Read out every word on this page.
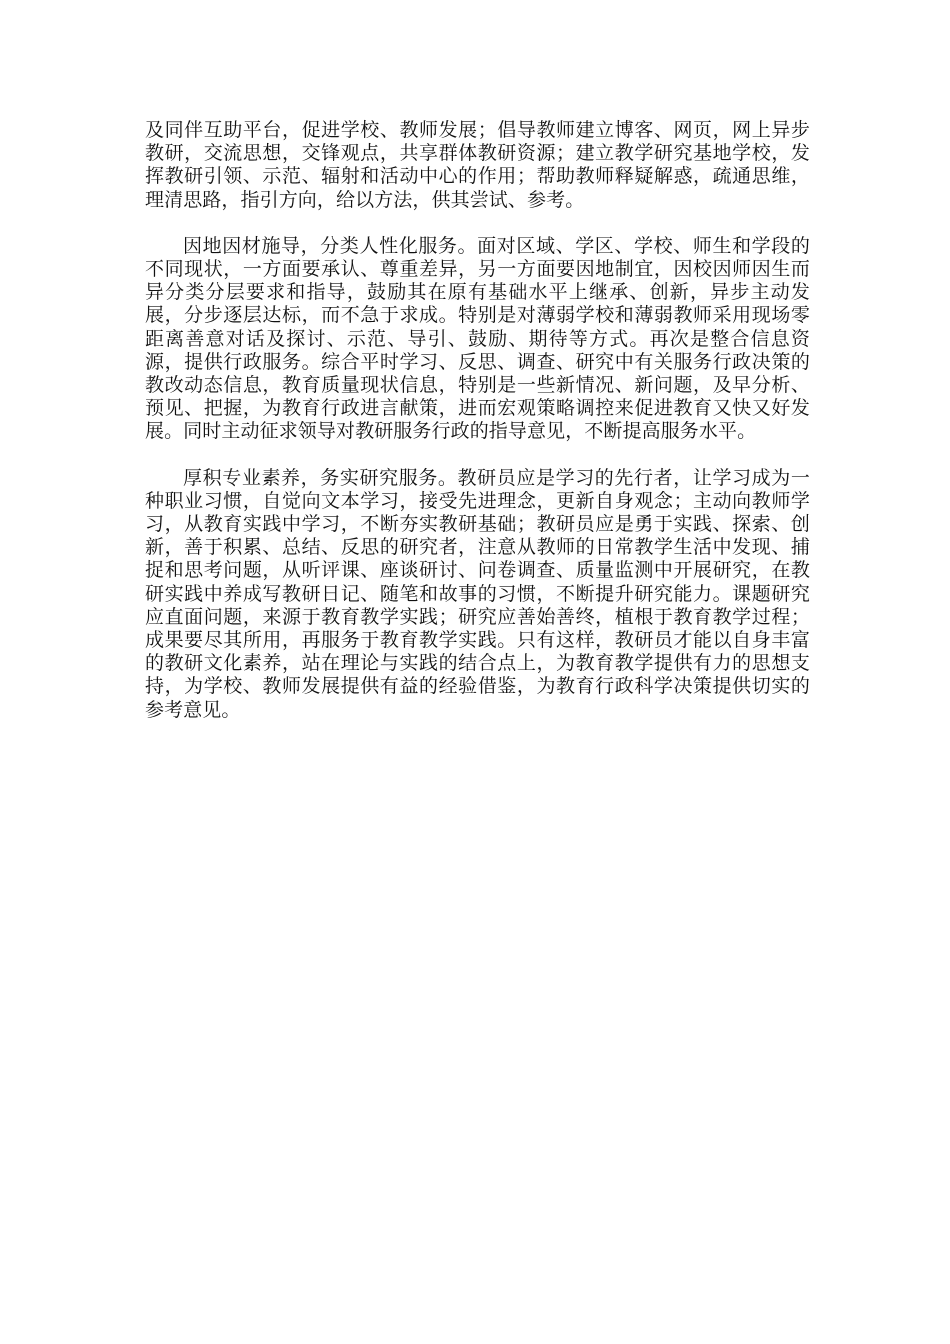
及同伴互助平台，促进学校、教师发展；倡导教师建立博客、网页，网上异步教研，交流思想，交锋观点，共享群体教研资源；建立教学研究基地学校，发挥教研引领、示范、辐射和活动中心的作用；帮助教师释疑解惑，疏通思维，理清思路，指引方向，给以方法，供其尝试、参考。

因地因材施导，分类人性化服务。面对区域、学区、学校、师生和学段的不同现状，一方面要承认、尊重差异，另一方面要因地制宜，因校因师因生而异分类分层要求和指导，鼓励其在原有基础水平上继承、创新，异步主动发展，分步逐层达标，而不急于求成。特别是对薄弱学校和薄弱教师采用现场零距离善意对话及探讨、示范、导引、鼓励、期待等方式。再次是整合信息资源，提供行政服务。综合平时学习、反思、调查、研究中有关服务行政决策的教改动态信息，教育质量现状信息，特别是一些新情况、新问题，及早分析、预见、把握，为教育行政进言献策，进而宏观策略调控来促进教育又快又好发展。同时主动征求领导对教研服务行政的指导意见，不断提高服务水平。

厚积专业素养，务实研究服务。教研员应是学习的先行者，让学习成为一种职业习惯，自觉向文本学习，接受先进理念，更新自身观念；主动向教师学习，从教育实践中学习，不断夯实教研基础；教研员应是勇于实践、探索、创新，善于积累、总结、反思的研究者，注意从教师的日常教学生活中发现、捕捉和思考问题，从听评课、座谈研讨、问卷调查、质量监测中开展研究，在教研实践中养成写教研日记、随笔和故事的习惯，不断提升研究能力。课题研究应直面问题，来源于教育教学实践；研究应善始善终，植根于教育教学过程；成果要尽其所用，再服务于教育教学实践。只有这样，教研员才能以自身丰富的教研文化素养，站在理论与实践的结合点上，为教育教学提供有力的思想支持，为学校、教师发展提供有益的经验借鉴，为教育行政科学决策提供切实的参考意见。
